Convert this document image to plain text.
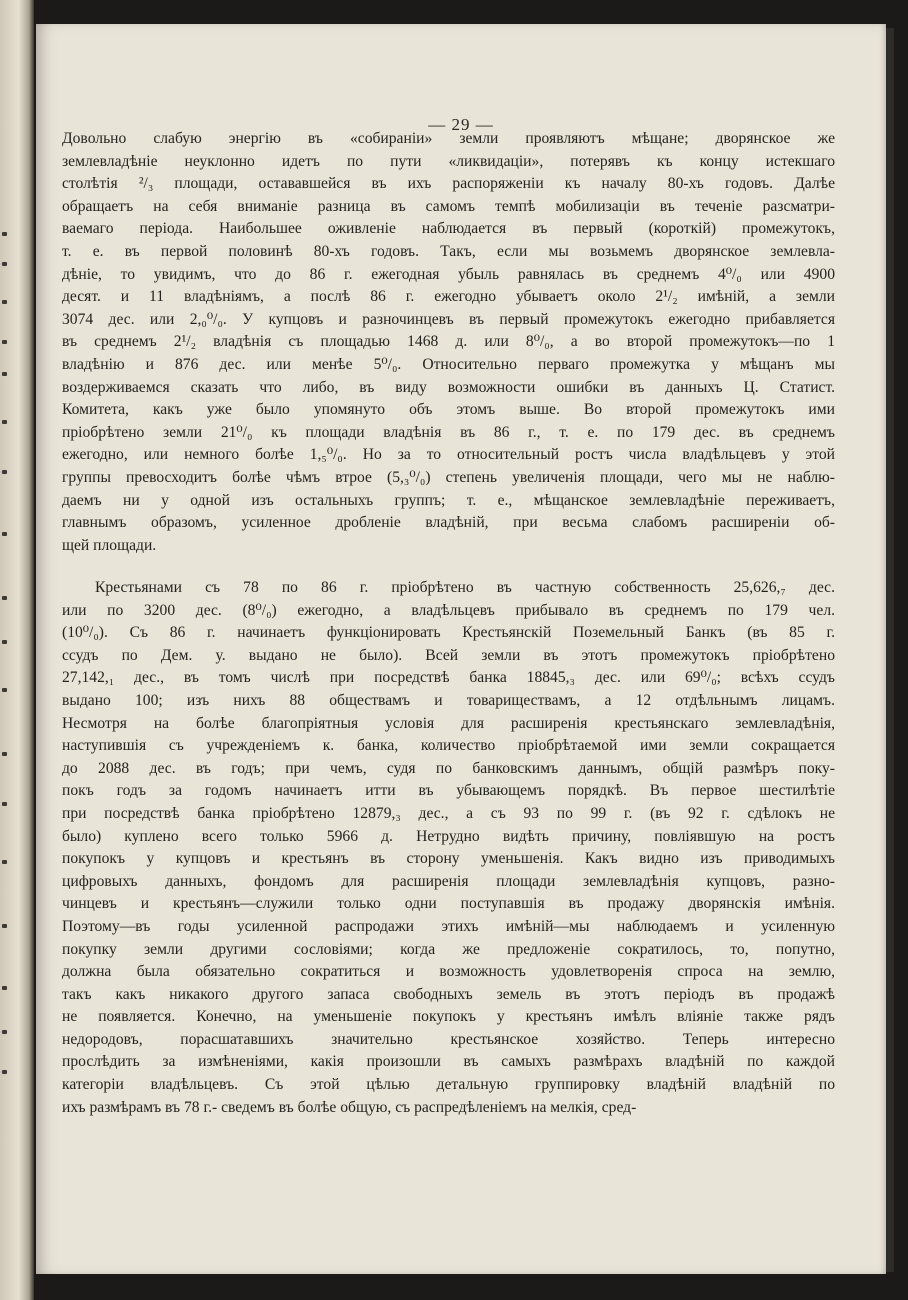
— 29 —
Довольно слабую энергію въ «собираніи» земли проявляютъ мѣщане; дворянское же
землевладѣніе неуклонно идетъ по пути «ликвидаціи», потерявъ къ концу истекшаго
столѣтія ²/₃ площади, остававшейся въ ихъ распоряженіи къ началу 80-хъ годовъ. Далѣе
обращаетъ на себя вниманіе разница въ самомъ темпѣ мобилизаціи въ теченіе разсматри-
ваемаго періода. Наибольшее оживленіе наблюдается въ первый (короткій) промежутокъ,
т. е. въ первой половинѣ 80-хъ годовъ. Такъ, если мы возьмемъ дворянское землевла-
дѣніе, то увидимъ, что до 86 г. ежегодная убыль равнялась въ среднемъ 4⁰/₀ или 4900
десят. и 11 владѣніямъ, а послѣ 86 г. ежегодно убываетъ около 2¹/₂ имѣній, а земли
3074 дес. или 2,₀⁰/₀. У купцовъ и разночинцевъ въ первый промежутокъ ежегодно прибавляется
въ среднемъ 2¹/₂ владѣнія съ площадью 1468 д. или 8⁰/₀, а во второй промежутокъ—по 1
владѣнію и 876 дес. или менѣе 5⁰/₀. Относительно перваго промежутка у мѣщанъ мы
воздерживаемся сказать что либо, въ виду возможности ошибки въ данныхъ Ц. Статист.
Комитета, какъ уже было упомянуто объ этомъ выше. Во второй промежутокъ ими
пріобрѣтено земли 21⁰/₀ къ площади владѣнія въ 86 г., т. е. по 179 дес. въ среднемъ
ежегодно, или немного болѣе 1,₅⁰/₀. Но за то относительный ростъ числа владѣльцевъ у этой
группы превосходитъ болѣе чѣмъ втрое (5,₃⁰/₀) степень увеличенія площади, чего мы не наблю-
даемъ ни у одной изъ остальныхъ группъ; т. е., мѣщанское землевладѣніе переживаетъ,
главнымъ образомъ, усиленное дробленіе владѣній, при весьма слабомъ расширеніи об-
щей площади.
Крестьянами съ 78 по 86 г. пріобрѣтено въ частную собственность 25,626,₇ дес.
или по 3200 дес. (8⁰/₀) ежегодно, а владѣльцевъ прибывало въ среднемъ по 179 чел.
(10⁰/₀). Съ 86 г. начинаетъ функціонировать Крестьянскій Поземельный Банкъ (въ 85 г.
ссудъ по Дем. у. выдано не было). Всей земли въ этотъ промежутокъ пріобрѣтено
27,142,₁ дес., въ томъ числѣ при посредствѣ банка 18845,₃ дес. или 69⁰/₀; всѣхъ ссудъ
выдано 100; изъ нихъ 88 обществамъ и товариществамъ, а 12 отдѣльнымъ лицамъ.
Несмотря на болѣе благопріятныя условія для расширенія крестьянскаго землевладѣнія,
наступившія съ учрежденіемъ к. банка, количество пріобрѣтаемой ими земли сокращается
до 2088 дес. въ годъ; при чемъ, судя по банковскимъ даннымъ, общій размѣръ поку-
покъ годъ за годомъ начинаетъ итти въ убывающемъ порядкѣ. Въ первое шестилѣтіе
при посредствѣ банка пріобрѣтено 12879,₃ дес., а съ 93 по 99 г. (въ 92 г. сдѣлокъ не
было) куплено всего только 5966 д. Нетрудно видѣть причину, повліявшую на ростъ
покупокъ у купцовъ и крестьянъ въ сторону уменьшенія. Какъ видно изъ приводимыхъ
цифровыхъ данныхъ, фондомъ для расширенія площади землевладѣнія купцовъ, разно-
чинцевъ и крестьянъ—служили только одни поступавшія въ продажу дворянскія имѣнія.
Поэтому—въ годы усиленной распродажи этихъ имѣній—мы наблюдаемъ и усиленную
покупку земли другими сословіями; когда же предложеніе сократилось, то, попутно,
должна была обязательно сократиться и возможность удовлетворенія спроса на землю,
такъ какъ никакого другого запаса свободныхъ земель въ этотъ періодъ въ продажѣ
не появляется. Конечно, на уменьшеніе покупокъ у крестьянъ имѣлъ вліяніе также рядъ
недородовъ, порасшатавшихъ значительно крестьянское хозяйство. Теперь интересно
прослѣдить за измѣненіями, какія произошли въ самыхъ размѣрахъ владѣній по каждой
категоріи владѣльцевъ. Съ этой цѣлью детальную группировку владѣній владѣній по
ихъ размѣрамъ въ 78 г.- сведемъ въ болѣе общую, съ распредѣленіемъ на мелкія, сред-
